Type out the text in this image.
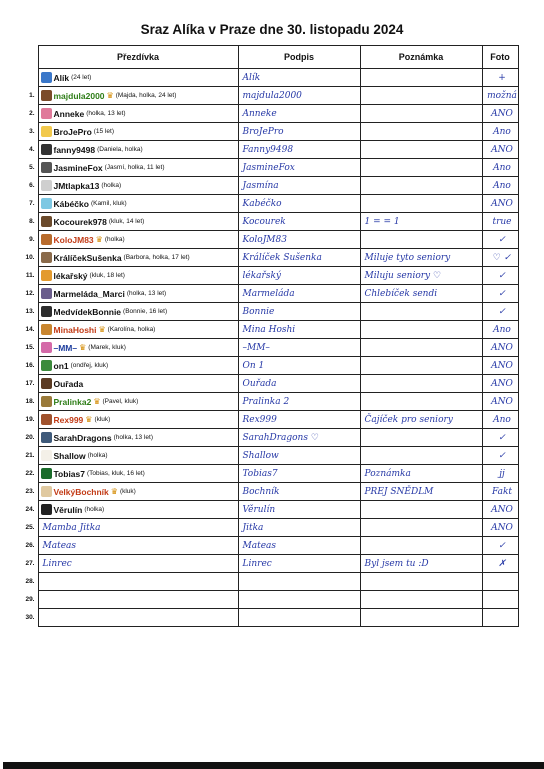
Sraz Alíka v Praze dne 30. listopadu 2024
	Přezdívka	Podpis	Poznámka	Foto

	Alík (24 let)	Alík		+
1.	majdula2000 ♛ (Majda, holka, 24 let)	majdula2000		možná
2.	Anneke (holka, 13 let)	Anneke		ANO
3.	BroJePro (15 let)	BroJePro		Ano
4.	fanny9498 (Daniela, holka)	Fanny9498		ANO
5.	JasmineFox (Jasmí, holka, 11 let)	JasmineFox		Ano
6.	JMtlapka13 (holka)	Jasmína		Ano
7.	Kábéčko (Kamil, kluk)	Kabéčko		ANO
8.	Kocourek978 (kluk, 14 let)	Kocourek	1 = = 1	true
9.	KoloJM83 ♛ (holka)	KoloJM83		✓
10.	KrálíčekSušenka (Barbora, holka, 17 let)	Králíček Sušenka	Miluje tyto seniory	♡ ✓
11.	lékařský (kluk, 18 let)	lékařský	Miluju seniory ♡	✓
12.	Marmeláda_Marci (holka, 13 let)	Marmeláda	Chlebíček sendi	✓
13.	MedvídekBonnie (Bonnie, 16 let)	Bonnie		✓
14.	MinaHoshi ♛ (Karolína, holka)	Mina Hoshi		Ano
15.	–MM– ♛ (Marek, kluk)	–MM–		ANO
16.	on1 (ondřej, kluk)	On 1		ANO
17.	Ouřada	Ouřada		ANO
18.	Pralinka2 ♛ (Pavel, kluk)	Pralinka 2		ANO
19.	Rex999 ♛ (kluk)	Rex999	Čajíček pro seniory	Ano
20.	SarahDragons (holka, 13 let)	SarahDragons ♡		✓
21.	Shallow (holka)	Shallow		✓
22.	Tobias7 (Tobias, kluk, 16 let)	Tobias7	Poznámka	jj
23.	VelkýBochník ♛ (kluk)	Bochník	PREJ SNĚDLM	Fakt
24.	Věrulín (holka)	Věrulín		ANO
25.	Mamba Jitka	Jitka		ANO
26.	Mateas	Mateas		✓
27.	Linrec	Linrec	Byl jsem tu :D	✗
28.				
29.				
30.				
